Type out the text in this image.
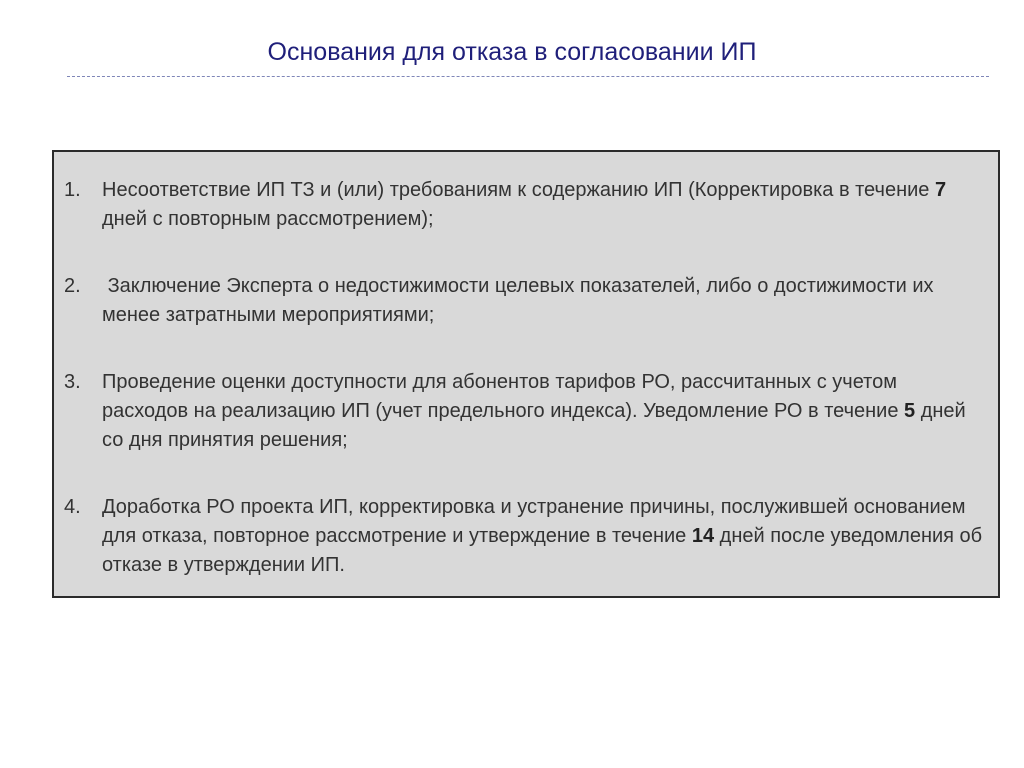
Основания для отказа в согласовании ИП
1.	Несоответствие ИП ТЗ и (или) требованиям к содержанию ИП (Корректировка в течение 7 дней с повторным рассмотрением);
2.	Заключение Эксперта о недостижимости целевых показателей, либо о достижимости их менее затратными мероприятиями;
3.	Проведение оценки доступности для абонентов тарифов РО, рассчитанных с учетом расходов на реализацию ИП (учет предельного индекса). Уведомление РО в течение 5 дней со дня принятия решения;
4.	Доработка РО проекта ИП, корректировка и устранение причины, послужившей основанием для отказа, повторное рассмотрение и утверждение в течение 14 дней после уведомления об отказе в утверждении ИП.
